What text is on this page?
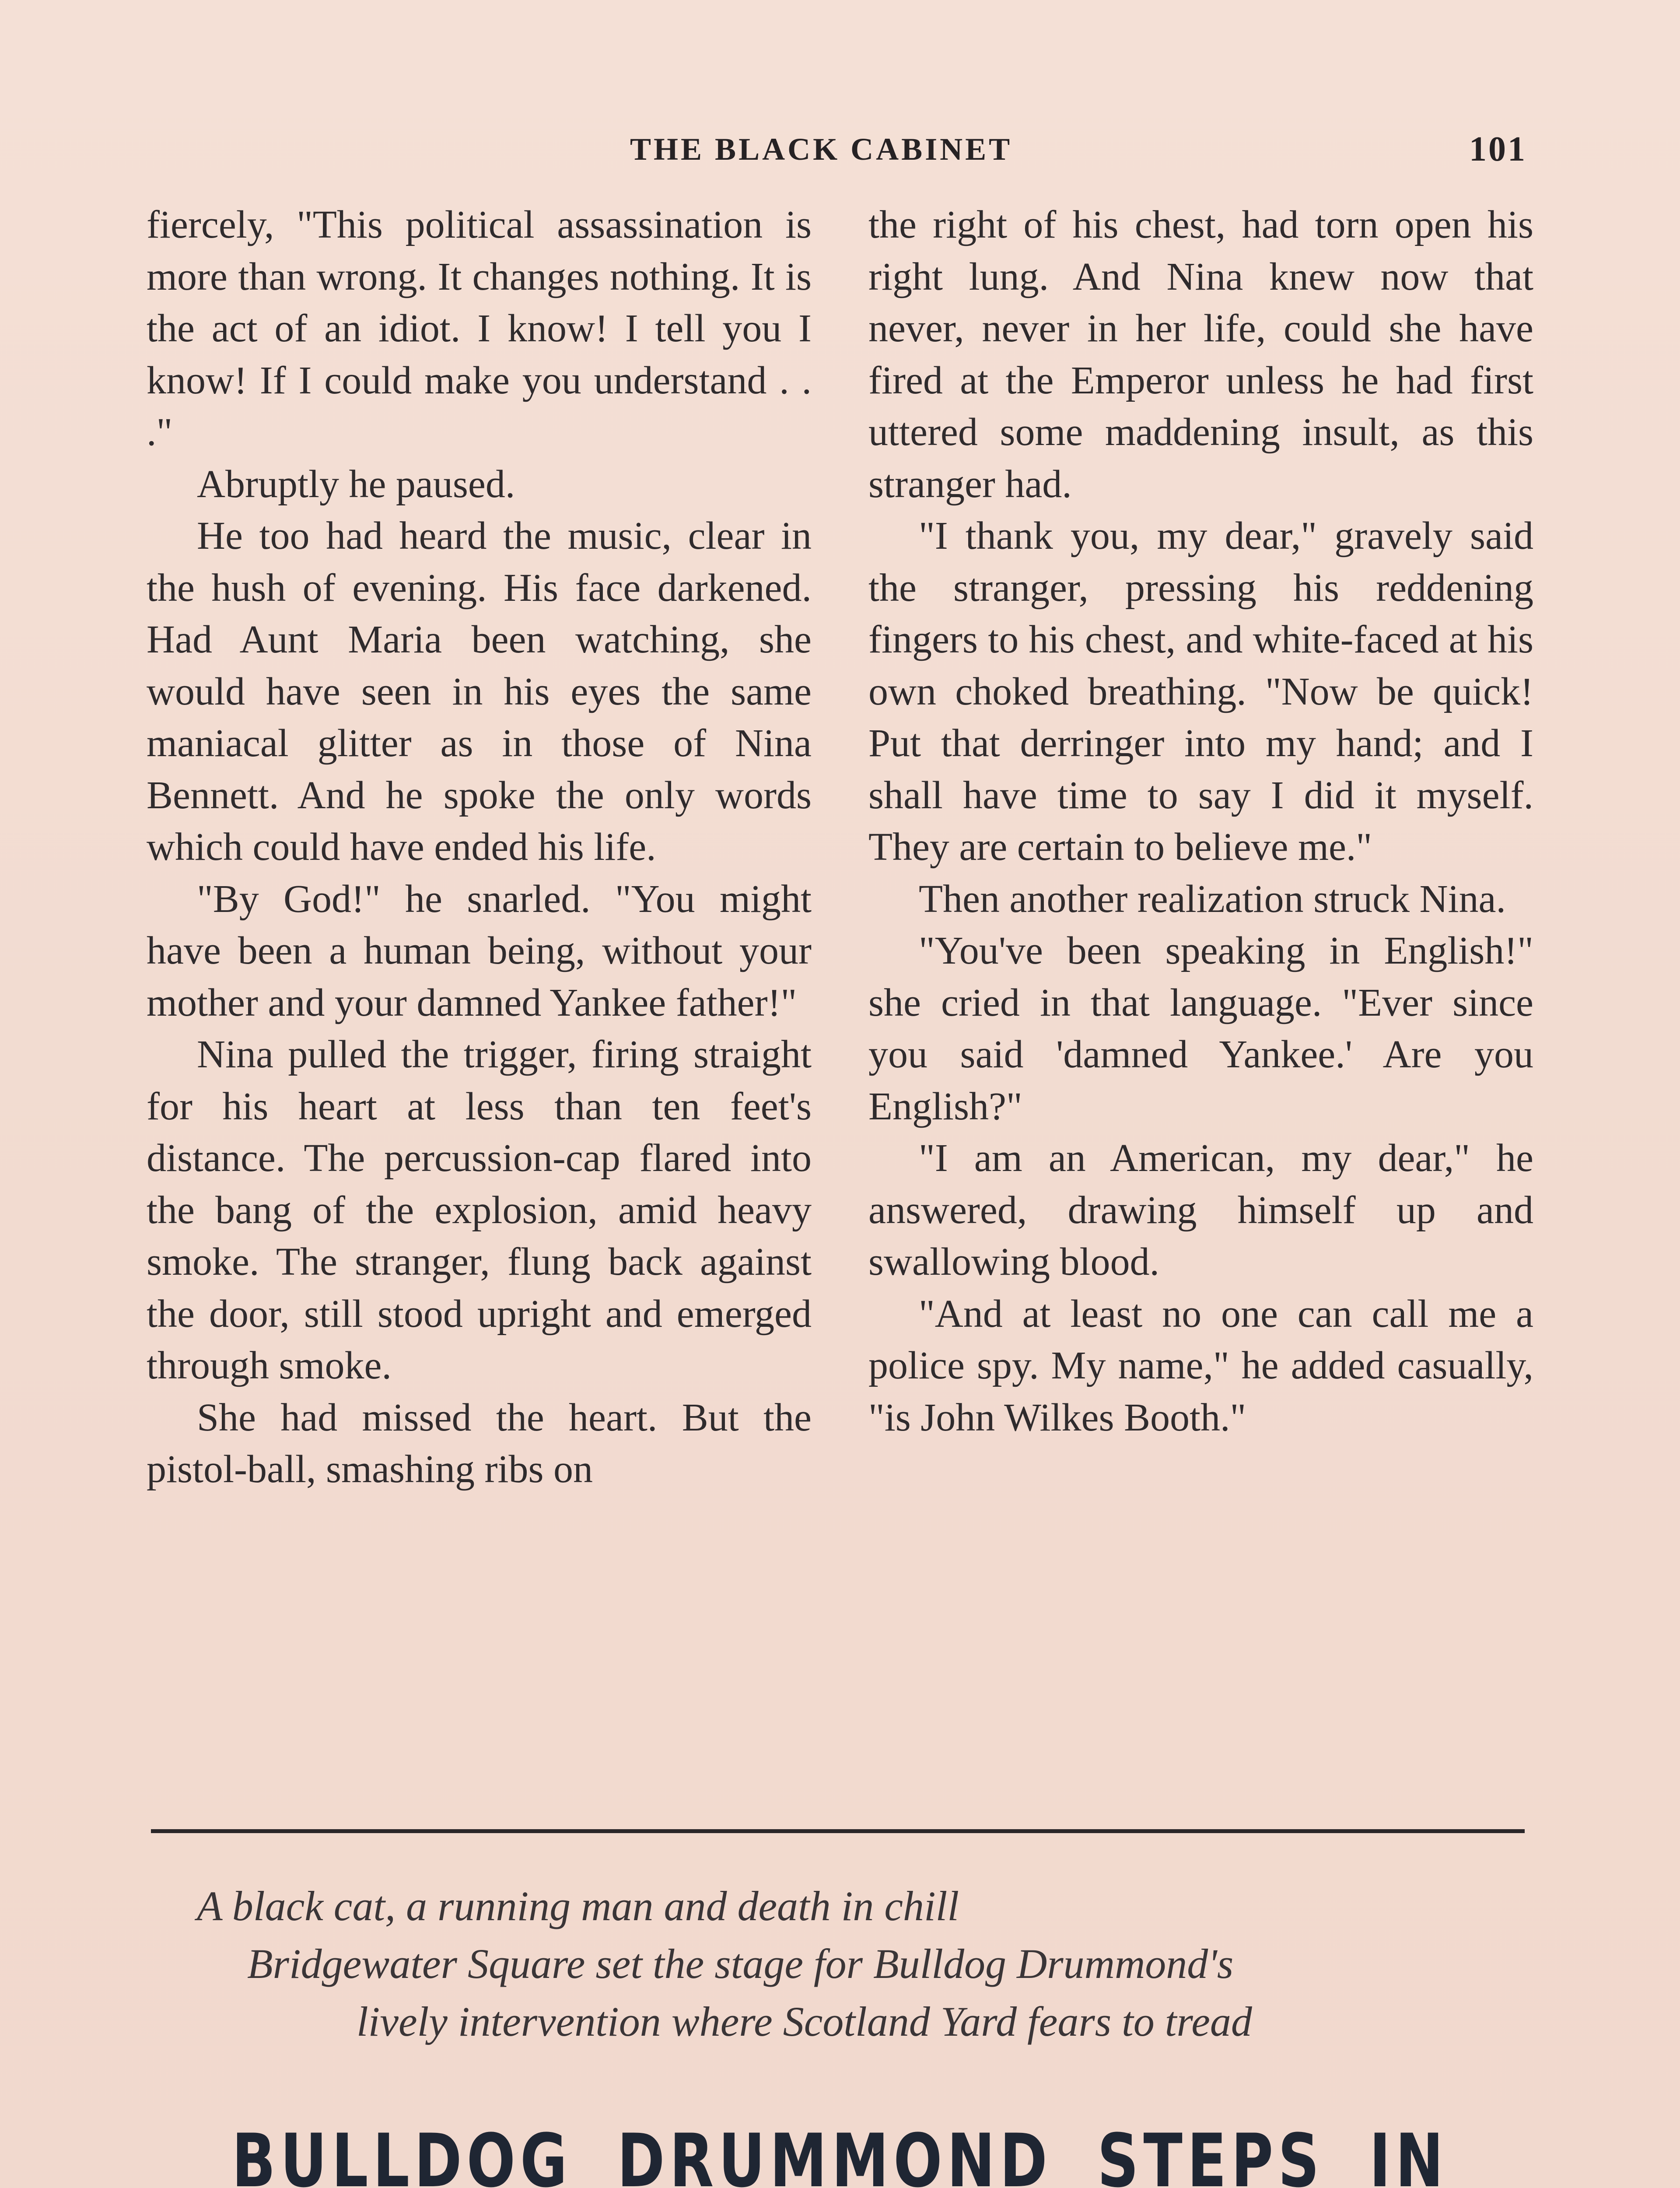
THE BLACK CABINET	101

fiercely, "This political assassination is more than wrong. It changes nothing. It is the act of an idiot. I know! I tell you I know! If I could make you understand . . ."

Abruptly he paused.

He too had heard the music, clear in the hush of evening. His face darkened. Had Aunt Maria been watching, she would have seen in his eyes the same maniacal glitter as in those of Nina Bennett. And he spoke the only words which could have ended his life.

"By God!" he snarled. "You might have been a human being, without your mother and your damned Yankee father!"

Nina pulled the trigger, firing straight for his heart at less than ten feet's distance. The percussion-cap flared into the bang of the explosion, amid heavy smoke. The stranger, flung back against the door, still stood upright and emerged through smoke.

She had missed the heart. But the pistol-ball, smashing ribs on

the right of his chest, had torn open his right lung. And Nina knew now that never, never in her life, could she have fired at the Emperor unless he had first uttered some maddening insult, as this stranger had.

"I thank you, my dear," gravely said the stranger, pressing his reddening fingers to his chest, and white-faced at his own choked breathing. "Now be quick! Put that derringer into my hand; and I shall have time to say I did it myself. They are certain to believe me."

Then another realization struck Nina.

"You've been speaking in English!" she cried in that language. "Ever since you said 'damned Yankee.' Are you English?"

"I am an American, my dear," he answered, drawing himself up and swallowing blood.

"And at least no one can call me a police spy. My name," he added casually, "is John Wilkes Booth."

A black cat, a running man and death in chill
Bridgewater Square set the stage for Bulldog Drummond's
lively intervention where Scotland Yard fears to tread
BULLDOG DRUMMOND STEPS IN
